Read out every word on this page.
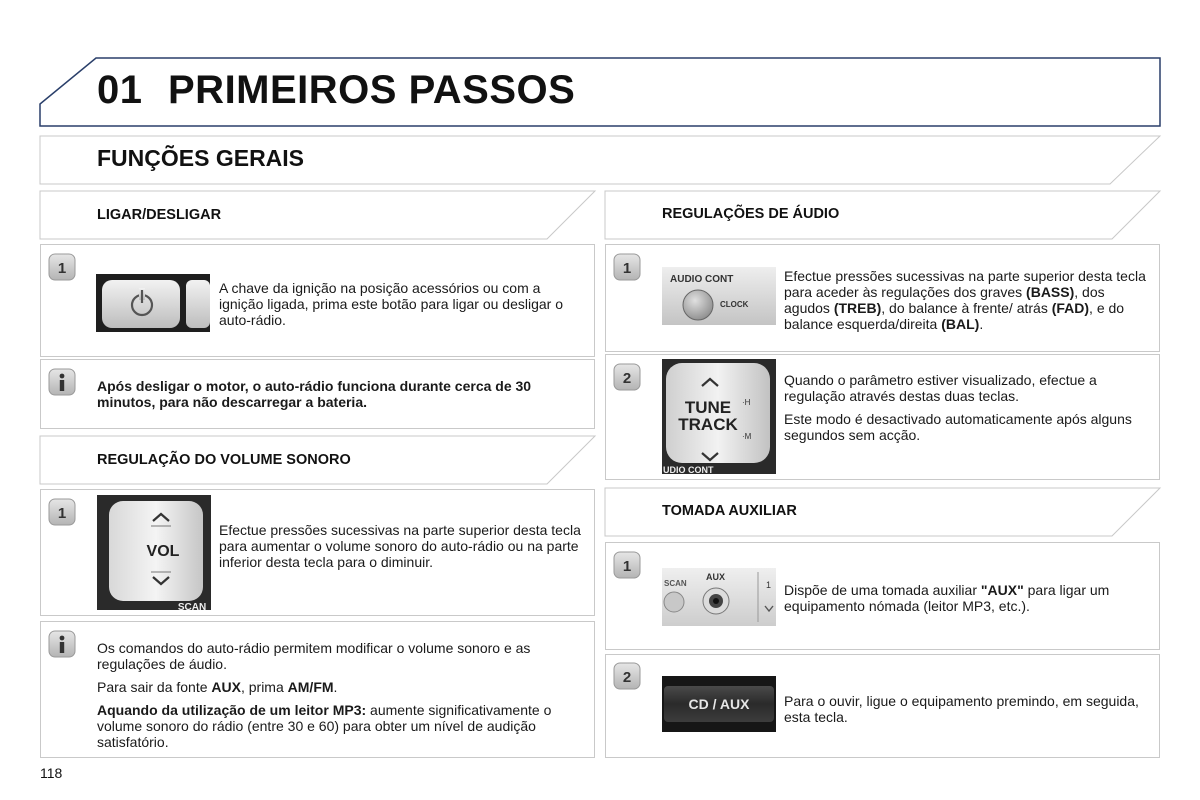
01 PRIMEIROS PASSOS
FUNÇÕES GERAIS
LIGAR/DESLIGAR
REGULAÇÃO DO VOLUME SONORO
REGULAÇÕES DE ÁUDIO
TOMADA AUXILIAR
1
A chave da ignição na posição acessórios ou com a ignição ligada, prima este botão para ligar ou desligar o auto-rádio.
Após desligar o motor, o auto-rádio funciona durante cerca de 30 minutos, para não descarregar a bateria.
1
VOL
SCAN
Efectue pressões sucessivas na parte superior desta tecla para aumentar o volume sonoro do auto-rádio ou na parte inferior desta tecla para o diminuir.

Os comandos do auto-rádio permitem modificar o volume sonoro e as regulações de áudio.

Para sair da fonte AUX, prima AM/FM.

Aquando da utilização de um leitor MP3: aumente significativamente o volume sonoro do rádio (entre 30 e 60) para obter um nível de audição satisfatório.

1
AUDIO CONT
CLOCK
Efectue pressões sucessivas na parte superior desta tecla para aceder às regulações dos graves (BASS), dos agudos (TREB), do balance à frente/ atrás (FAD), e do balance esquerda/direita (BAL).
2
TUNE
TRACK
·H
·M
UDIO CONT

Quando o parâmetro estiver visualizado, efectue a regulação através destas duas teclas.

Este modo é desactivado automaticamente após alguns segundos sem acção.

1
SCAN
AUX
1 Dispõe de uma tomada auxiliar "AUX" para ligar um equipamento nómada (leitor MP3, etc.).
2
CD / AUX Para o ouvir, ligue o equipamento premindo, em seguida, esta tecla.
118
